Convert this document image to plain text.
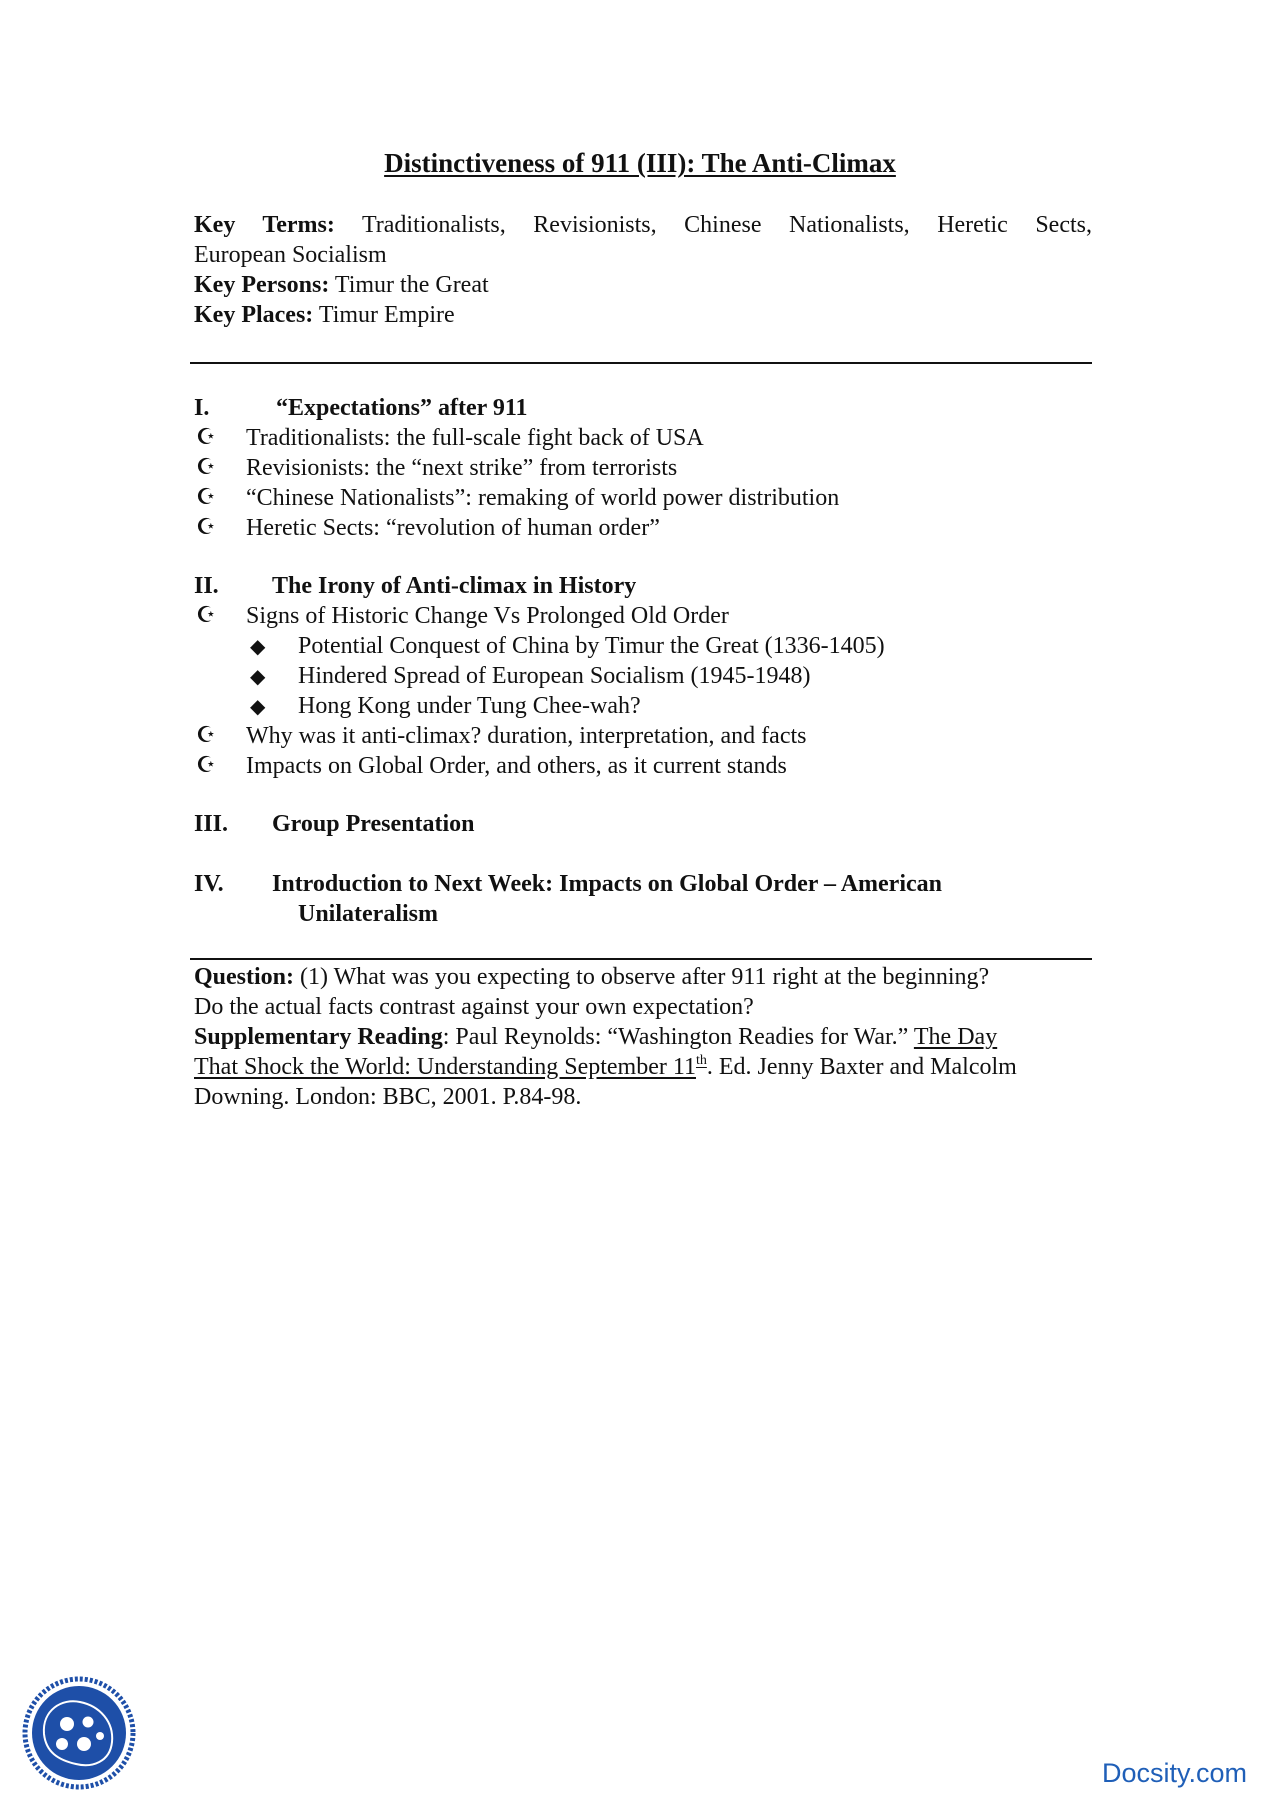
Distinctiveness of 911 (III): The Anti-Climax
Key Terms: Traditionalists, Revisionists, Chinese Nationalists, Heretic Sects,
European Socialism
Key Persons: Timur the Great
Key Places: Timur Empire
I.	“Expectations” after 911
☪ Traditionalists: the full-scale fight back of USA
☪ Revisionists: the “next strike” from terrorists
☪ “Chinese Nationalists”: remaking of world power distribution
☪ Heretic Sects: “revolution of human order”
II. The Irony of Anti-climax in History
☪ Signs of Historic Change Vs Prolonged Old Order
◆ Potential Conquest of China by Timur the Great (1336-1405)
◆ Hindered Spread of European Socialism (1945-1948)
◆ Hong Kong under Tung Chee-wah?
☪ Why was it anti-climax? duration, interpretation, and facts
☪ Impacts on Global Order, and others, as it current stands
III. Group Presentation
IV. Introduction to Next Week: Impacts on Global Order – American
Unilateralism
Question: (1) What was you expecting to observe after 911 right at the beginning?
Do the actual facts contrast against your own expectation?
Supplementary Reading: Paul Reynolds: “Washington Readies for War.” The Day
That Shock the World: Understanding September 11th. Ed. Jenny Baxter and Malcolm
Downing. London: BBC, 2001. P.84-98.
Docsity.com
